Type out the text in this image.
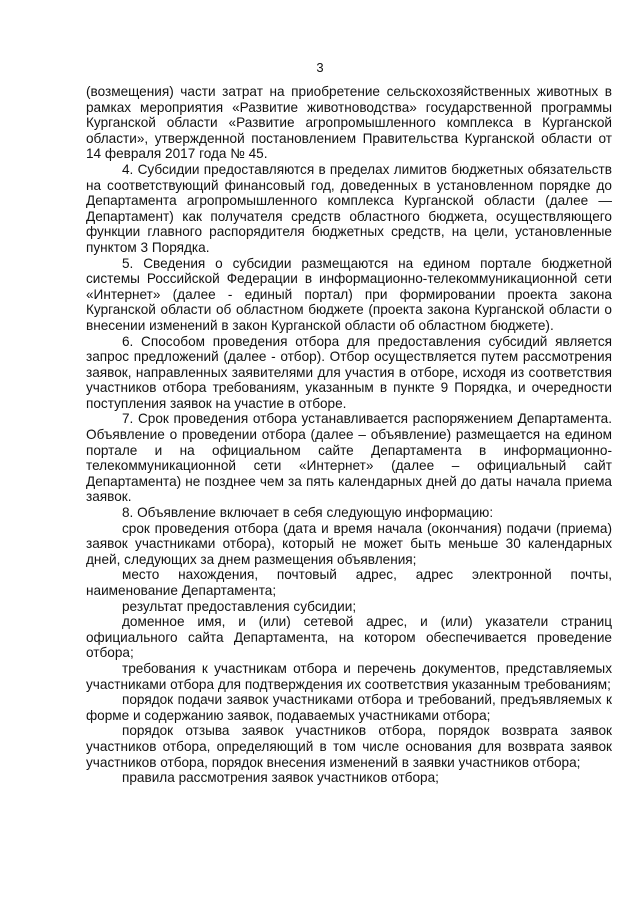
3

(возмещения) части затрат на приобретение сельскохозяйственных животных в рамках мероприятия «Развитие животноводства» государственной программы Курганской области «Развитие агропромышленного комплекса в Курганской области», утвержденной постановлением Правительства Курганской области от 14 февраля 2017 года № 45.

4. Субсидии предоставляются в пределах лимитов бюджетных обязательств на соответствующий финансовый год, доведенных в установленном порядке до Департамента агропромышленного комплекса Курганской области (далее — Департамент) как получателя средств областного бюджета, осуществляющего функции главного распорядителя бюджетных средств, на цели, установленные пунктом 3 Порядка.

5. Сведения о субсидии размещаются на едином портале бюджетной системы Российской Федерации в информационно-телекоммуникационной сети «Интернет» (далее - единый портал) при формировании проекта закона Курганской области об областном бюджете (проекта закона Курганской области о внесении изменений в закон Курганской области об областном бюджете).

6. Способом проведения отбора для предоставления субсидий является запрос предложений (далее - отбор). Отбор осуществляется путем рассмотрения заявок, направленных заявителями для участия в отборе, исходя из соответствия участников отбора требованиям, указанным в пункте 9 Порядка, и очередности поступления заявок на участие в отборе.

7. Срок проведения отбора устанавливается распоряжением Департамента. Объявление о проведении отбора (далее – объявление) размещается на едином портале и на официальном сайте Департамента в информационно-телекоммуникационной сети «Интернет» (далее – официальный сайт Департамента) не позднее чем за пять календарных дней до даты начала приема заявок.

8. Объявление включает в себя следующую информацию:

срок проведения отбора (дата и время начала (окончания) подачи (приема) заявок участниками отбора), который не может быть меньше 30 календарных дней, следующих за днем размещения объявления;

место нахождения, почтовый адрес, адрес электронной почты, наименование Департамента;

результат предоставления субсидии;

доменное имя, и (или) сетевой адрес, и (или) указатели страниц официального сайта Департамента, на котором обеспечивается проведение отбора;

требования к участникам отбора и перечень документов, представляемых участниками отбора для подтверждения их соответствия указанным требованиям;

порядок подачи заявок участниками отбора и требований, предъявляемых к форме и содержанию заявок, подаваемых участниками отбора;

порядок отзыва заявок участников отбора, порядок возврата заявок участников отбора, определяющий в том числе основания для возврата заявок участников отбора, порядок внесения изменений в заявки участников отбора;

правила рассмотрения заявок участников отбора;
